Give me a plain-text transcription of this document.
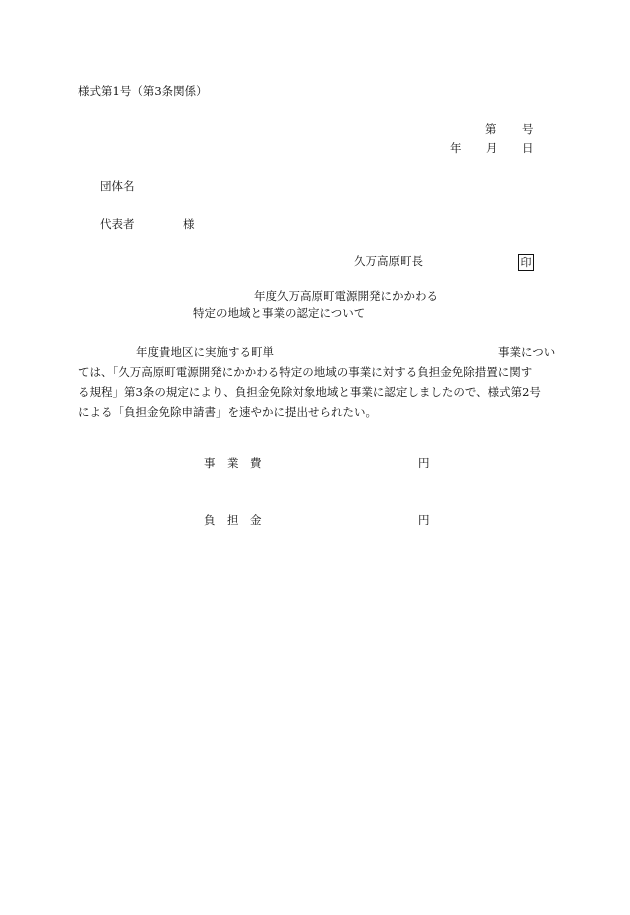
様式第1号（第3条関係）
第 号
年 月 日
団体名
代表者	様
久万高原町長	印
年度久万高原町電源開発にかかわる
特定の地域と事業の認定について
年度貴地区に実施する町単	事業につい
ては、「久万高原町電源開発にかかわる特定の地域の事業に対する負担金免除措置に関す
る規程」第3条の規定により、負担金免除対象地域と事業に認定しましたので、様式第2号
による「負担金免除申請書」を速やかに提出せられたい。
事　業　費	円
負　担　金	円
